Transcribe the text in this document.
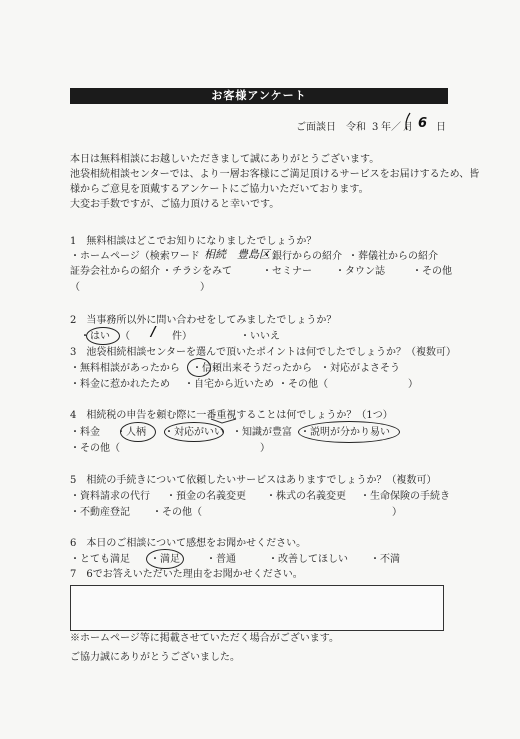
お客様アンケート
ご面談日　令和 3 年／ 月 6 日
本日は無料相談にお越しいただきまして誠にありがとうございます。
池袋相続相談センターでは、より一層お客様にご満足頂けるサービスをお届けするため、皆
様からご意見を頂戴するアンケートにご協力いただいております。
大変お手数ですが、ご協力頂けると幸いです。
1　無料相談はどこでお知りになりましたでしょうか？
・ホームページ（検索ワード 相続　豊島区
・銀行からの紹介 ・葬儀社からの紹介
証券会社からの紹介 ・チラシをみて	・セミナー ・タウン誌	・その他
（　　　　　　　　　　　　）
2　当事務所以外に問い合わせをしてみましたでしょうか？
・はい （ / 件）	・いいえ
3　池袋相続相談センターを選んで頂いたポイントは何でしたでしょうか？（複数可）
・無料相談があったから ・信頼出来そうだったから ・対応がよさそう
・料金に惹かれたため ・自宅から近いため ・その他（　　　　　　　　）
4　相続税の申告を頼む際に一番重視することは何でしょうか？（1つ）
・料金 ・人柄 ・対応がいい ・知識が豊富 ・説明が分かり易い
・その他（　　　　　　　　　　　　　　）
5　相続の手続きについて依頼したいサービスはありますでしょうか？（複数可）
・資料請求の代行 ・預金の名義変更 ・株式の名義変更 ・生命保険の手続き
・不動産登記 ・その他（　　　　　　　　　　　　　　　　　　　）
6　本日のご相談について感想をお聞かせください。
・とても満足 ・満足	・普通	・改善してほしい ・不満
7　6でお答えいただいた理由をお聞かせください。
※ホームページ等に掲載させていただく場合がございます。
ご協力誠にありがとうございました。
